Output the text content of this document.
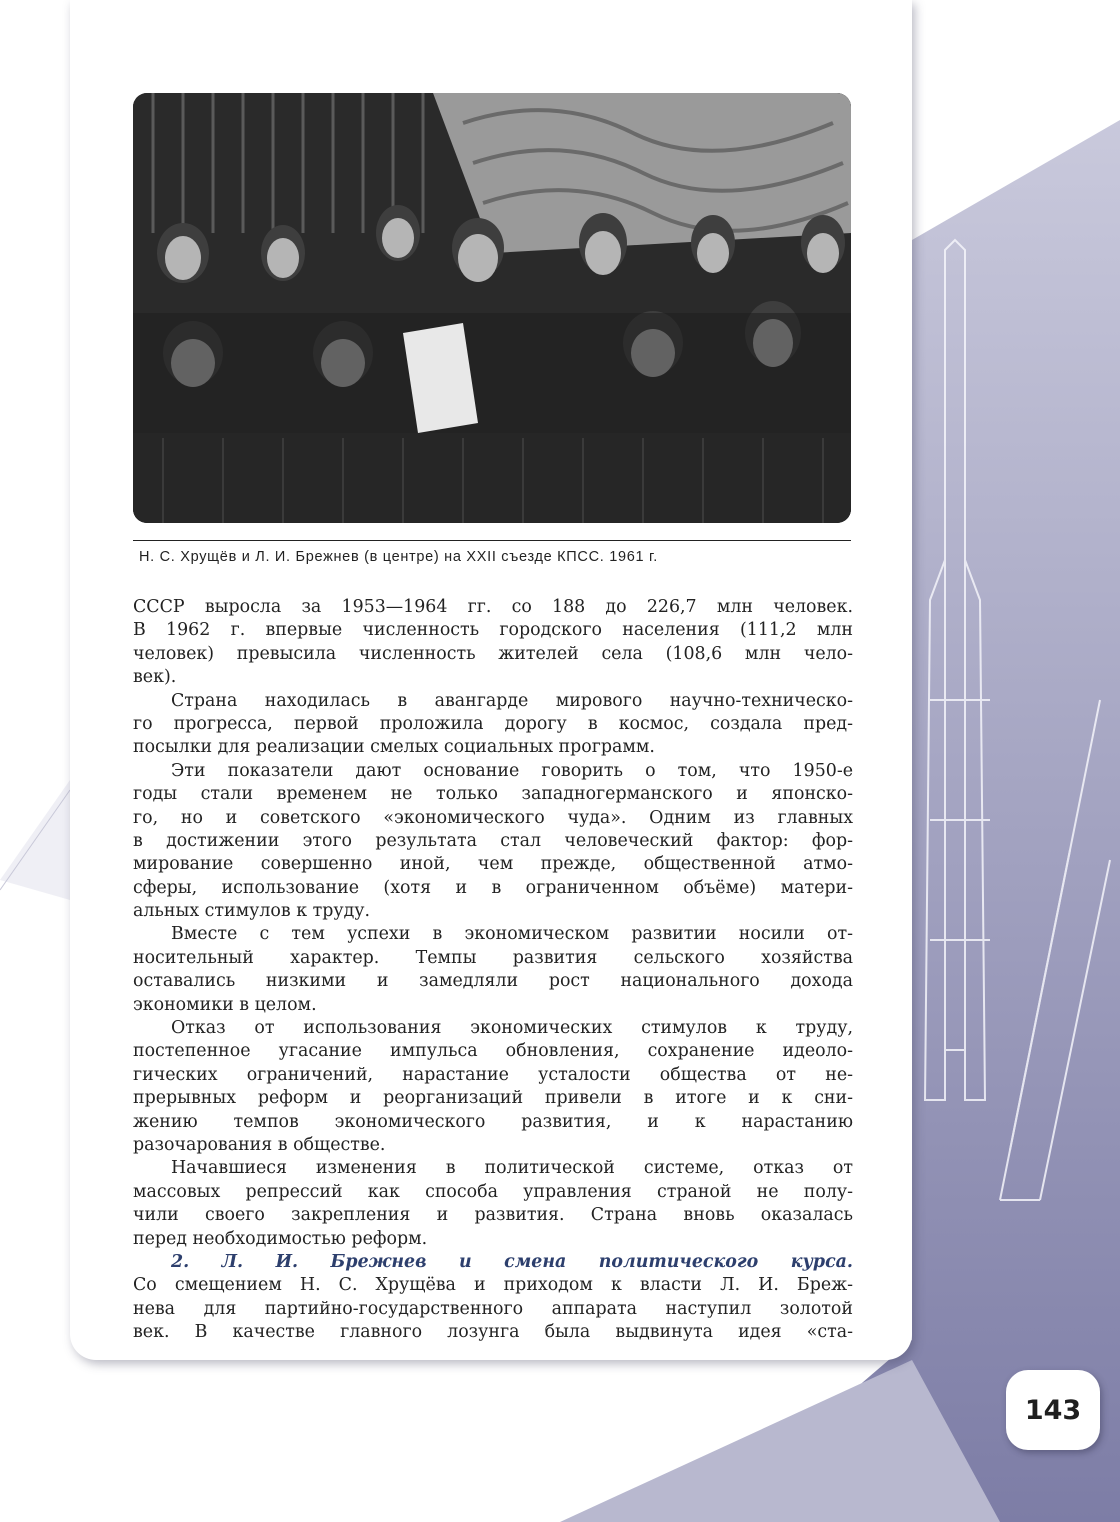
Н. С. Хрущёв и Л. И. Брежнев (в центре) на XXII съезде КПСС. 1961 г.
СССР выросла за 1953—1964 гг. со 188 до 226,7 млн человек.
В 1962 г. впервые численность городского населения (111,2 млн
человек) превысила численность жителей села (108,6 млн чело-
век).
Страна находилась в авангарде мирового научно-техническо-
го прогресса, первой проложила дорогу в космос, создала пред-
посылки для реализации смелых социальных программ.
Эти показатели дают основание говорить о том, что 1950-е
годы стали временем не только западногерманского и японско-
го, но и советского «экономического чуда». Одним из главных
в достижении этого результата стал человеческий фактор: фор-
мирование совершенно иной, чем прежде, общественной атмо-
сферы, использование (хотя и в ограниченном объёме) матери-
альных стимулов к труду.
Вместе с тем успехи в экономическом развитии носили от-
носительный характер. Темпы развития сельского хозяйства
оставались низкими и замедляли рост национального дохода
экономики в целом.
Отказ от использования экономических стимулов к труду,
постепенное угасание импульса обновления, сохранение идеоло-
гических ограничений, нарастание усталости общества от не-
прерывных реформ и реорганизаций привели в итоге и к сни-
жению темпов экономического развития, и к нарастанию
разочарования в обществе.
Начавшиеся изменения в политической системе, отказ от
массовых репрессий как способа управления страной не полу-
чили своего закрепления и развития. Страна вновь оказалась
перед необходимостью реформ.
2. Л. И. Брежнев и смена политического курса.
Со смещением Н. С. Хрущёва и приходом к власти Л. И. Бреж-
нева для партийно-государственного аппарата наступил золотой
век. В качестве главного лозунга была выдвинута идея «ста-
143
